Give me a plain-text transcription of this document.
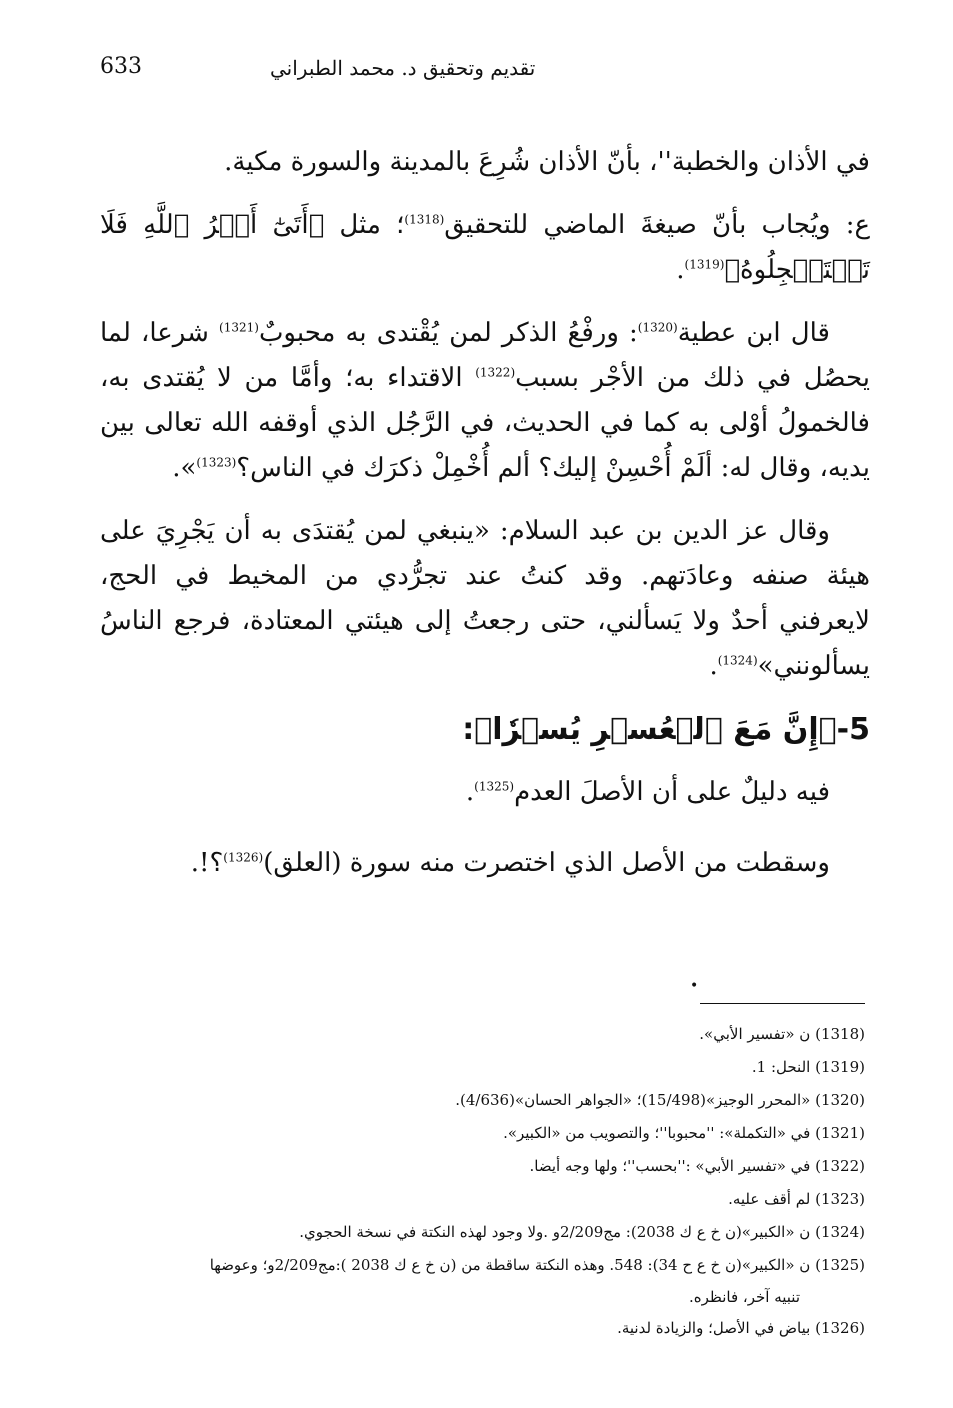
633	تقديم وتحقيق د. محمد الطبراني

في الأذان والخطبة''، بأنّ الأذان شُرِعَ بالمدينة والسورة مكية.

ع: ويُجاب بأنّ صيغةَ الماضي للتحقيق$^{(1318)}$؛ مثل ﴿أَتَىٰٓ أَمۡرُ ٱللَّهِ فَلَا تَسۡتَعۡجِلُوهُ﴾$^{(1319)}$.

قال ابن عطية$^{(1320)}$: ورفْعُ الذكر لمن يُقْتدى به محبوبٌ$^{(1321)}$ شرعا، لما يحصُل في ذلك من الأجْر بسبب$^{(1322)}$ الاقتداء به؛ وأمَّا من لا يُقتدى به، فالخمولُ أوْلى به كما في الحديث، في الرَّجُل الذي أوقفه الله تعالى بين يديه، وقال له: ألَمْ أُحْسِنْ إليك؟ ألم أُخْمِلْ ذكرَك في الناس؟$^{(1323)}$».

وقال عز الدين بن عبد السلام: «ينبغي لمن يُقتدَى به أن يَجْرِيَ على هيئة صنفه وعادَتهم. وقد كنتُ عند تجرُّدي من المخيط في الحج، لايعرفني أحدٌ ولا يَسألني، حتى رجعتُ إلى هيئتي المعتادة، فرجع الناسُ يسألونني»$^{(1324)}$.

5-﴿إِنَّ مَعَ ٱلۡعُسۡرِ يُسۡرٗا﴾:

فيه دليلٌ على أن الأصلَ العدم$^{(1325)}$.

وسقطت من الأصل الذي اختصرت منه سورة (العلق)$^{(1326)}$؟!.

•

(1318) ن «تفسير الأبي».

(1319) النحل: 1.

(1320) «المحرر الوجيز»(15/498)؛ «الجواهر الحسان»(4/636).

(1321) في «التكملة»: ''محبوبا''؛ والتصويب من «الكبير».

(1322) في «تفسير الأبي» :''بحسب''؛ ولها وجه أيضا.

(1323) لم أقف عليه.

(1324) ن «الكبير»(ن خ ع ك 2038): مج2/209و .ولا وجود لهذه النكتة في نسخة الحجوي.

(1325) ن «الكبير»(ن خ ع ح 34): 548. وهذه النكتة ساقطة من (ن خ ع ك 2038 ):مج2/209و؛ وعوضها
تنبيه آخر، فانظره.

(1326) بياض في الأصل؛ والزيادة لدنية.
